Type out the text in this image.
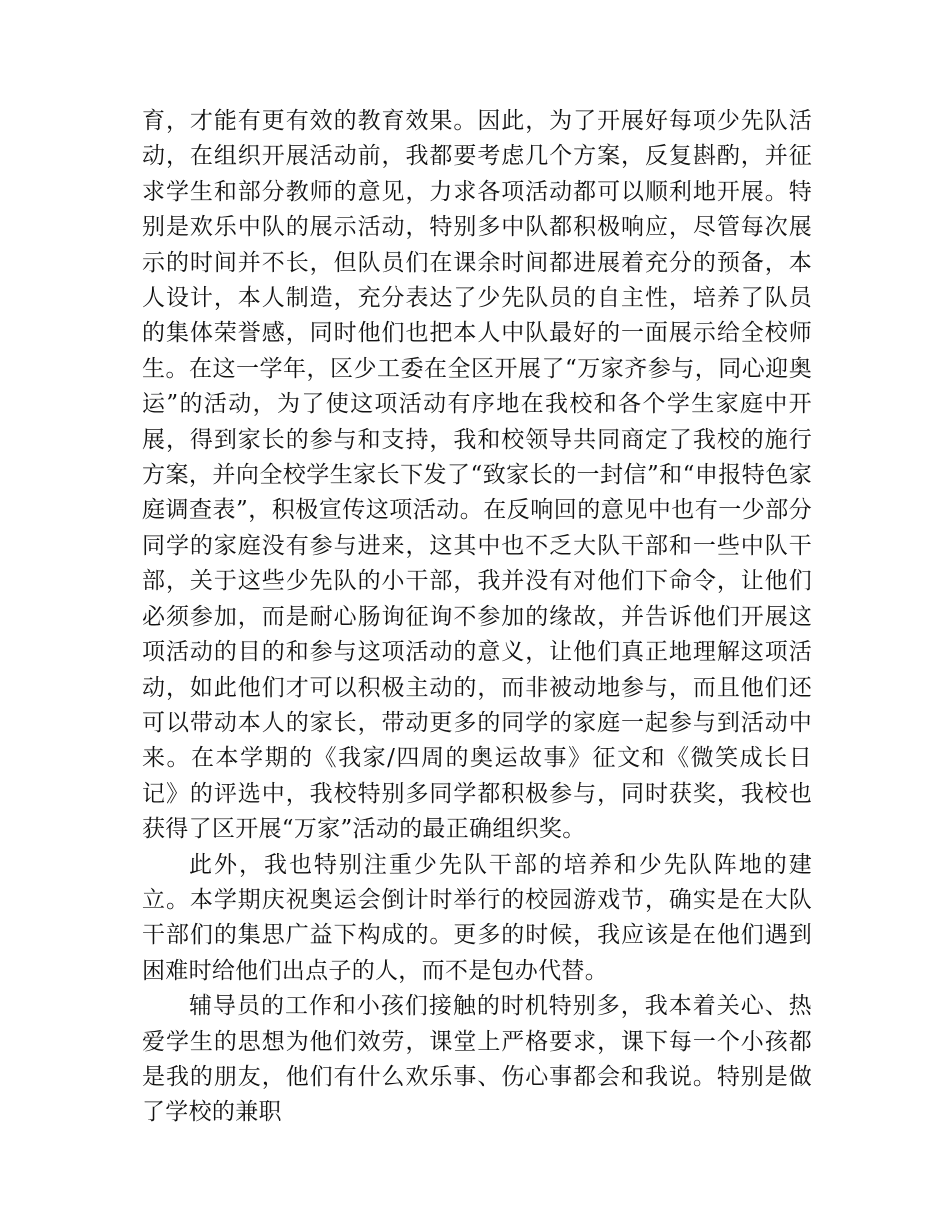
育，才能有更有效的教育效果。因此，为了开展好每项少先队活动，在组织开展活动前，我都要考虑几个方案，反复斟酌，并征求学生和部分教师的意见，力求各项活动都可以顺利地开展。特别是欢乐中队的展示活动，特别多中队都积极响应，尽管每次展示的时间并不长，但队员们在课余时间都进展着充分的预备，本人设计，本人制造，充分表达了少先队员的自主性，培养了队员的集体荣誉感，同时他们也把本人中队最好的一面展示给全校师生。在这一学年，区少工委在全区开展了“万家齐参与，同心迎奥运”的活动，为了使这项活动有序地在我校和各个学生家庭中开展，得到家长的参与和支持，我和校领导共同商定了我校的施行方案，并向全校学生家长下发了“致家长的一封信”和“申报特色家庭调查表”，积极宣传这项活动。在反响回的意见中也有一少部分同学的家庭没有参与进来，这其中也不乏大队干部和一些中队干部，关于这些少先队的小干部，我并没有对他们下命令，让他们必须参加，而是耐心肠询征询不参加的缘故，并告诉他们开展这项活动的目的和参与这项活动的意义，让他们真正地理解这项活动，如此他们才可以积极主动的，而非被动地参与，而且他们还可以带动本人的家长，带动更多的同学的家庭一起参与到活动中来。在本学期的《我家/四周的奥运故事》征文和《微笑成长日记》的评选中，我校特别多同学都积极参与，同时获奖，我校也获得了区开展“万家”活动的最正确组织奖。

此外，我也特别注重少先队干部的培养和少先队阵地的建立。本学期庆祝奥运会倒计时举行的校园游戏节，确实是在大队干部们的集思广益下构成的。更多的时候，我应该是在他们遇到困难时给他们出点子的人，而不是包办代替。

辅导员的工作和小孩们接触的时机特别多，我本着关心、热爱学生的思想为他们效劳，课堂上严格要求，课下每一个小孩都是我的朋友，他们有什么欢乐事、伤心事都会和我说。特别是做了学校的兼职
